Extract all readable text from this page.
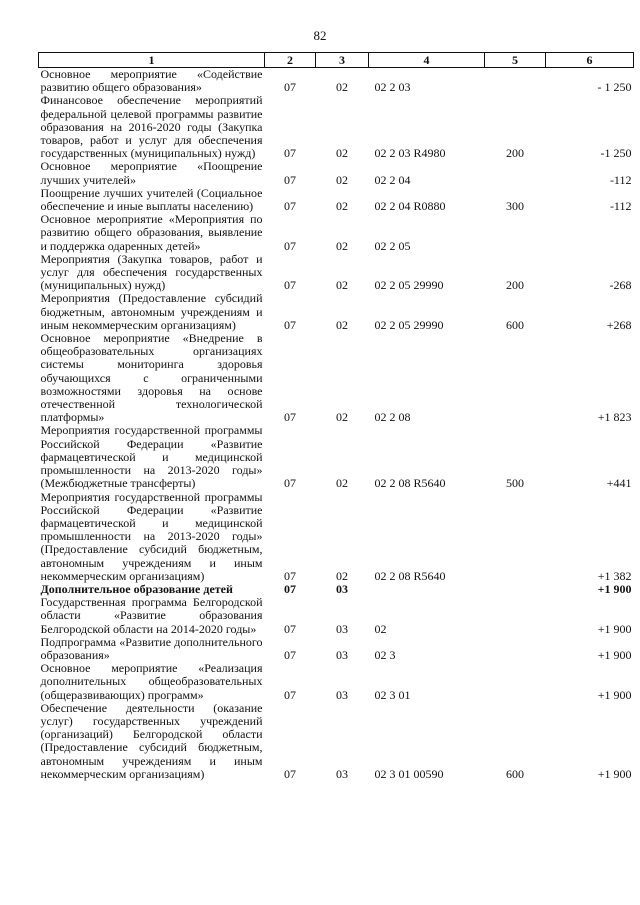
82
1	2	3	4	5	6
Основное мероприятие «Содействие развитию общего образования»	07	02	02 2 03		- 1 250
Финансовое обеспечение мероприятий федеральной целевой программы развитие образования на 2016-2020 годы (Закупка товаров, работ и услуг для обеспечения государственных (муниципальных) нужд)	07	02	02 2 03 R4980	200	-1 250
Основное мероприятие «Поощрение лучших учителей»	07	02	02 2 04		-112
Поощрение лучших учителей (Социальное обеспечение и иные выплаты населению)	07	02	02 2 04 R0880	300	-112
Основное мероприятие «Мероприятия по развитию общего образования, выявление и поддержка одаренных детей»	07	02	02 2 05		
Мероприятия (Закупка товаров, работ и услуг для обеспечения государственных (муниципальных) нужд)	07	02	02 2 05 29990	200	-268
Мероприятия (Предоставление субсидий бюджетным, автономным учреждениям и иным некоммерческим организациям)	07	02	02 2 05 29990	600	+268
Основное мероприятие «Внедрение в общеобразовательных организациях системы мониторинга здоровья обучающихся с ограниченными возможностями здоровья на основе отечественной технологической платформы»	07	02	02 2 08		+1 823
Мероприятия государственной программы Российской Федерации «Развитие фармацевтической и медицинской промышленности на 2013-2020 годы» (Межбюджетные трансферты)	07	02	02 2 08 R5640	500	+441
Мероприятия государственной программы Российской Федерации «Развитие фармацевтической и медицинской промышленности на 2013-2020 годы» (Предоставление субсидий бюджетным, автономным учреждениям и иным некоммерческим организациям)	07	02	02 2 08 R5640		+1 382
Дополнительное образование детей	07	03			+1 900
Государственная программа Белгородской области «Развитие образования Белгородской области на 2014-2020 годы»	07	03	02		+1 900
Подпрограмма «Развитие дополнительного образования»	07	03	02 3		+1 900
Основное мероприятие «Реализация дополнительных общеобразовательных (общеразвивающих) программ»	07	03	02 3 01		+1 900
Обеспечение деятельности (оказание услуг) государственных учреждений (организаций) Белгородской области (Предоставление субсидий бюджетным, автономным учреждениям и иным некоммерческим организациям)	07	03	02 3 01 00590	600	+1 900
